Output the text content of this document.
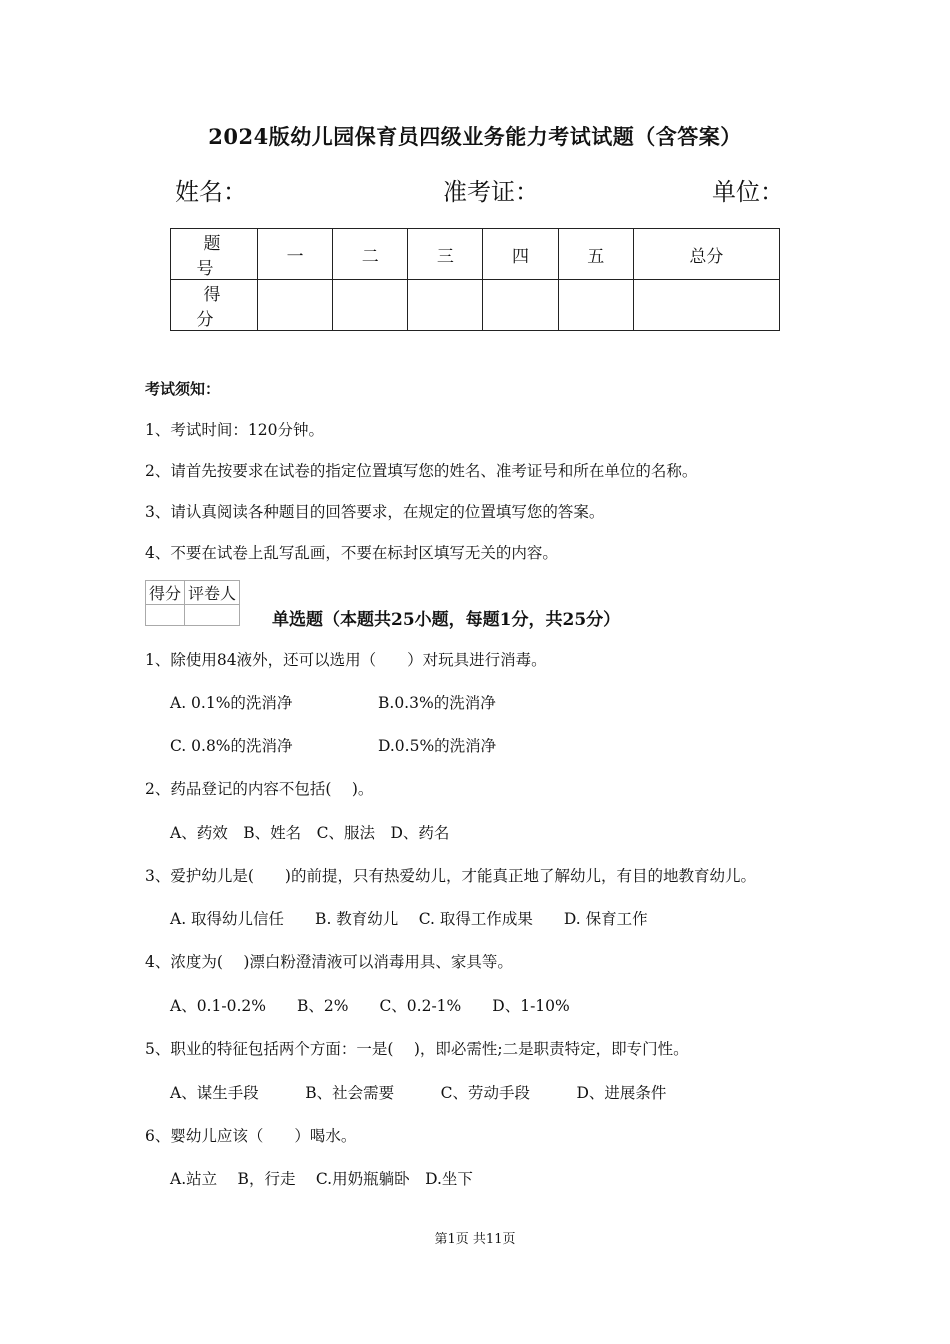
2024版幼儿园保育员四级业务能力考试试题（含答案）
姓名：	准考证：	单位：
题　号	一	二	三	四	五	总分
得　分						
考试须知：
1、考试时间：120分钟。
2、请首先按要求在试卷的指定位置填写您的姓名、准考证号和所在单位的名称。
3、请认真阅读各种题目的回答要求，在规定的位置填写您的答案。
4、不要在试卷上乱写乱画，不要在标封区填写无关的内容。
得分	评卷人

单选题（本题共25小题，每题1分，共25分）
1、除使用84液外，还可以选用（　　）对玩具进行消毒。
A. 0.1%的洗消净	B.0.3%的洗消净
C. 0.8%的洗消净	D.0.5%的洗消净
2、药品登记的内容不包括(　 )。
A、药效　B、姓名　C、服法　D、药名
3、爱护幼儿是(　　)的前提，只有热爱幼儿，才能真正地了解幼儿，有目的地教育幼儿。
A. 取得幼儿信任　　B. 教育幼儿　 C. 取得工作成果　　D. 保育工作
4、浓度为(　 )漂白粉澄清液可以消毒用具、家具等。
A、0.1-0.2%　　B、2%　　C、0.2-1%　　D、1-10%
5、职业的特征包括两个方面：一是(　 )，即必需性;二是职责特定，即专门性。
A、谋生手段　　　B、社会需要　　　C、劳动手段　　　D、进展条件
6、婴幼儿应该（　　）喝水。
A.站立　 B，行走　 C.用奶瓶躺卧　D.坐下
第1页 共11页
